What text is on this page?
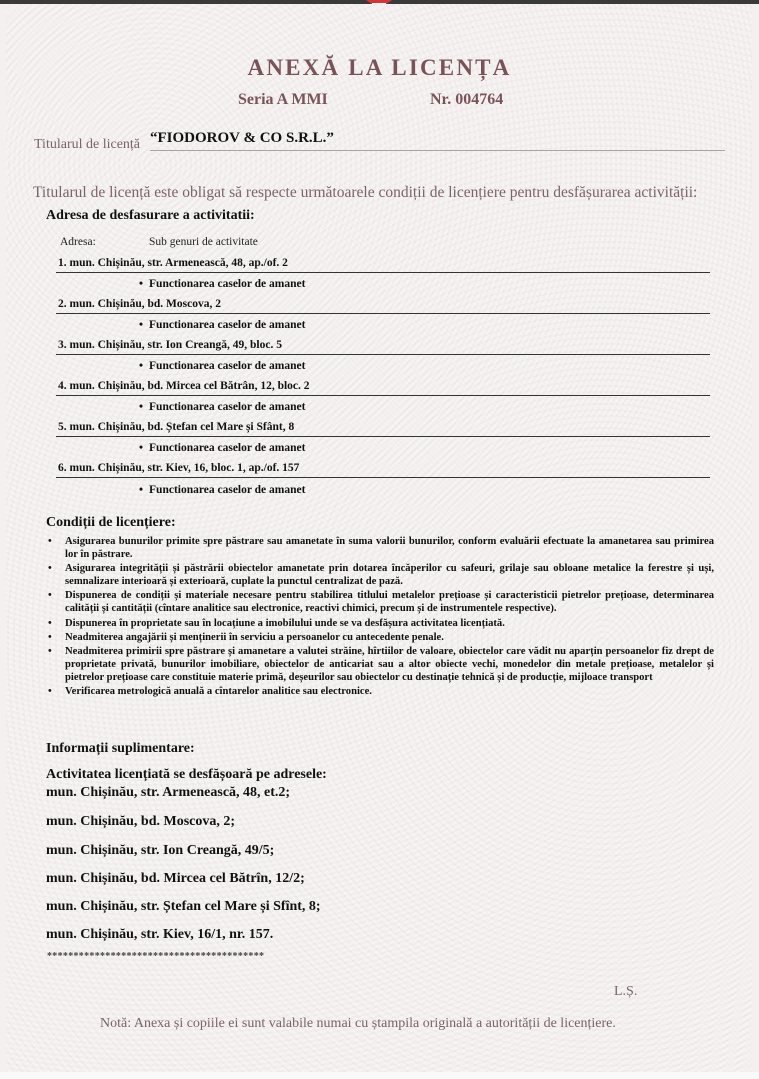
ANEXĂ LA LICENȚA
Seria A MMI	Nr. 004764
Titularul de licență “FIODOROV & CO S.R.L.”
Titularul de licență este obligat să respecte următoarele condiții de licențiere pentru desfășurarea activității:
Adresa de desfasurare a activitatii:
Adresa:	Sub genuri de activitate
1. mun. Chișinău, str. Armenească, 48, ap./of. 2
• Functionarea caselor de amanet
2. mun. Chișinău, bd. Moscova, 2
• Functionarea caselor de amanet
3. mun. Chișinău, str. Ion Creangă, 49, bloc. 5
• Functionarea caselor de amanet
4. mun. Chișinău, bd. Mircea cel Bătrân, 12, bloc. 2
• Functionarea caselor de amanet
5. mun. Chișinău, bd. Ștefan cel Mare și Sfânt, 8
• Functionarea caselor de amanet
6. mun. Chișinău, str. Kiev, 16, bloc. 1, ap./of. 157
• Functionarea caselor de amanet
Condiții de licențiere:
• Asigurarea bunurilor primite spre păstrare sau amanetate în suma valorii bunurilor, conform evaluării efectuate la amanetarea sau primirea lor în păstrare.
• Asigurarea integrității și păstrării obiectelor amanetate prin dotarea încăperilor cu safeuri, grilaje sau obloane metalice la ferestre și uși, semnalizare interioară și exterioară, cuplate la punctul centralizat de pază.
• Dispunerea de condiții și materiale necesare pentru stabilirea titlului metalelor prețioase și caracteristicii pietrelor prețioase, determinarea calității și cantității (cîntare analitice sau electronice, reactivi chimici, precum și de instrumentele respective).
• Dispunerea în proprietate sau în locațiune a imobilului unde se va desfășura activitatea licențiată.
• Neadmiterea angajării și menținerii în serviciu a persoanelor cu antecedente penale.
• Neadmiterea primirii spre păstrare și amanetare a valutei străine, hîrtiilor de valoare, obiectelor care vădit nu aparțin persoanelor fiz drept de proprietate privată, bunurilor imobiliare, obiectelor de anticariat sau a altor obiecte vechi, monedelor din metale prețioase, metalelor și pietrelor prețioase care constituie materie primă, deșeurilor sau obiectelor cu destinație tehnică și de producție, mijloace transport
• Verificarea metrologică anuală a cîntarelor analitice sau electronice.
Informații suplimentare:
Activitatea licențiată se desfășoară pe adresele:
mun. Chișinău, str. Armenească, 48, et.2;
mun. Chișinău, bd. Moscova, 2;
mun. Chișinău, str. Ion Creangă, 49/5;
mun. Chișinău, bd. Mircea cel Bătrîn, 12/2;
mun. Chișinău, str. Ștefan cel Mare și Sfînt, 8;
mun. Chișinău, str. Kiev, 16/1, nr. 157.
*****************************************
L.Ș.
Notă: Anexa și copiile ei sunt valabile numai cu ștampila originală a autorității de licențiere.
